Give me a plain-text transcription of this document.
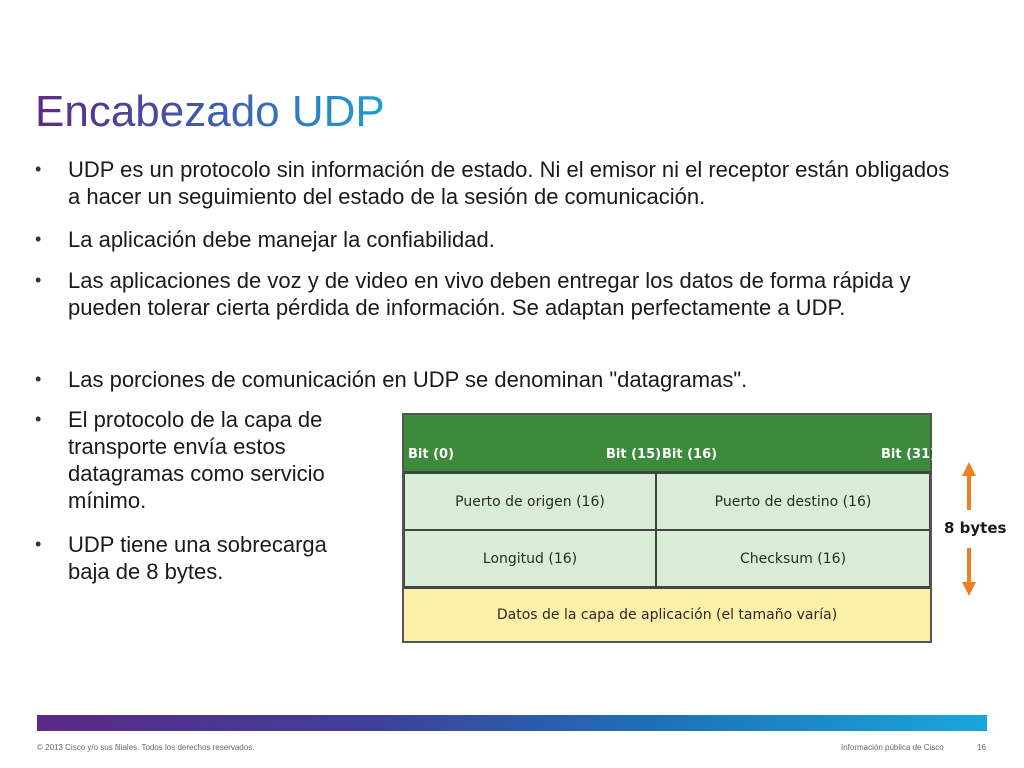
Encabezado UDP
• UDP es un protocolo sin información de estado. Ni el emisor ni el receptor están obligados a hacer un seguimiento del estado de la sesión de comunicación.
• La aplicación debe manejar la confiabilidad.
• Las aplicaciones de voz y de video en vivo deben entregar los datos de forma rápida y pueden tolerar cierta pérdida de información. Se adaptan perfectamente a UDP.
• Las porciones de comunicación en UDP se denominan "datagramas".
• El protocolo de la capa de transporte envía estos datagramas como servicio mínimo.
• UDP tiene una sobrecarga baja de 8 bytes.
Bit (0)	Bit (15) Bit (16)	Bit (31)
Puerto de origen (16)	Puerto de destino (16)
Longitud (16)	Checksum (16)
Datos de la capa de aplicación (el tamaño varía)
8 bytes
© 2013 Cisco y/o sus filiales. Todos los derechos reservados.	Información pública de Cisco	16
